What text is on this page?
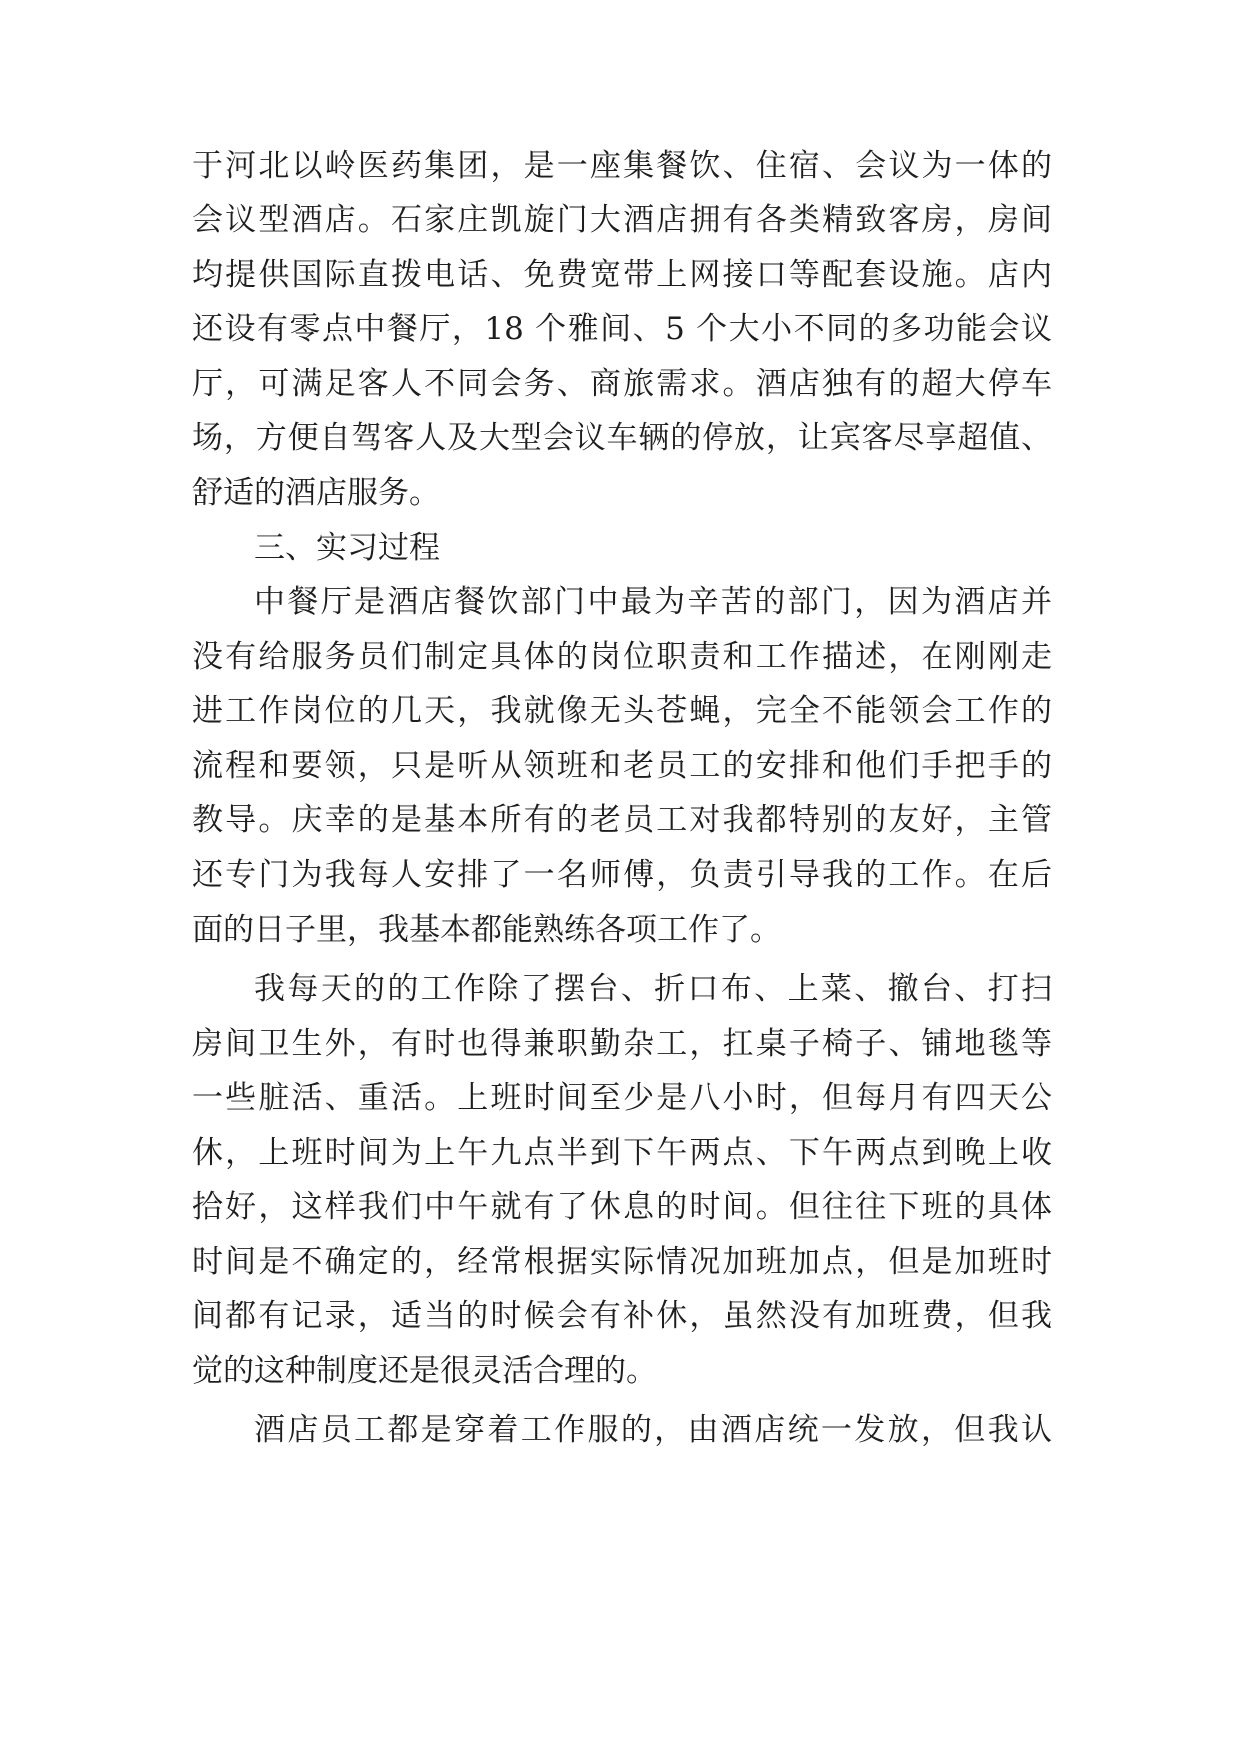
于河北以岭医药集团，是一座集餐饮、住宿、会议为一体的
会议型酒店。石家庄凯旋门大酒店拥有各类精致客房，房间
均提供国际直拨电话、免费宽带上网接口等配套设施。店内
还设有零点中餐厅，18 个雅间、5 个大小不同的多功能会议
厅，可满足客人不同会务、商旅需求。酒店独有的超大停车
场，方便自驾客人及大型会议车辆的停放，让宾客尽享超值、
舒适的酒店服务。
三、实习过程
中餐厅是酒店餐饮部门中最为辛苦的部门，因为酒店并
没有给服务员们制定具体的岗位职责和工作描述，在刚刚走
进工作岗位的几天，我就像无头苍蝇，完全不能领会工作的
流程和要领，只是听从领班和老员工的安排和他们手把手的
教导。庆幸的是基本所有的老员工对我都特别的友好，主管
还专门为我每人安排了一名师傅，负责引导我的工作。在后
面的日子里，我基本都能熟练各项工作了。
我每天的的工作除了摆台、折口布、上菜、撤台、打扫
房间卫生外，有时也得兼职勤杂工，扛桌子椅子、铺地毯等
一些脏活、重活。上班时间至少是八小时，但每月有四天公
休，上班时间为上午九点半到下午两点、下午两点到晚上收
拾好，这样我们中午就有了休息的时间。但往往下班的具体
时间是不确定的，经常根据实际情况加班加点，但是加班时
间都有记录，适当的时候会有补休，虽然没有加班费，但我
觉的这种制度还是很灵活合理的。
酒店员工都是穿着工作服的，由酒店统一发放，但我认
